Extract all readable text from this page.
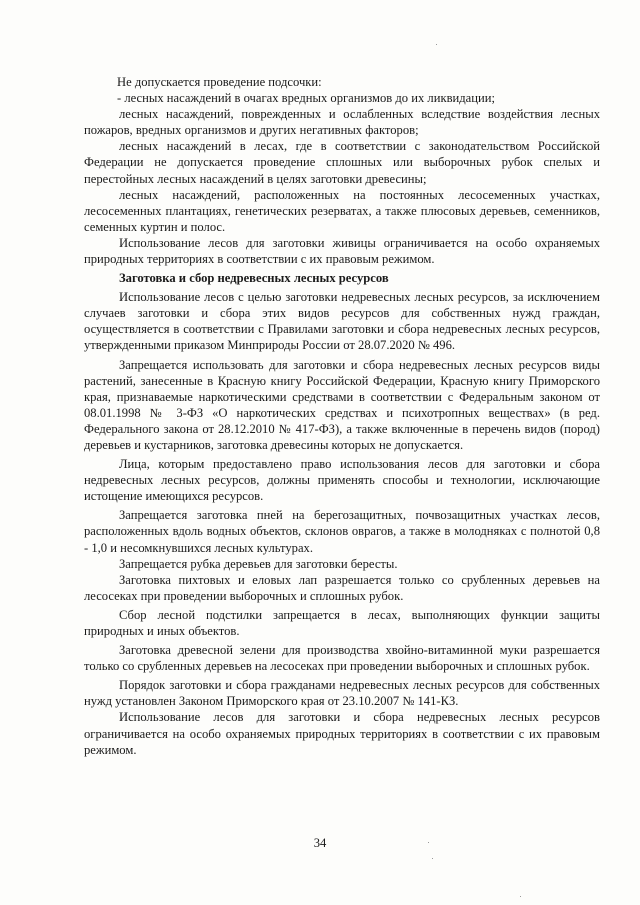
Не допускается проведение подсочки:

- лесных насаждений в очагах вредных организмов до их ликвидации;

лесных насаждений, поврежденных и ослабленных вследствие воздействия лесных пожаров, вредных организмов и других негативных факторов;

лесных насаждений в лесах, где в соответствии с законодательством Российской Федерации не допускается проведение сплошных или выборочных рубок спелых и перестойных лесных насаждений в целях заготовки древесины;

лесных насаждений, расположенных на постоянных лесосеменных участках, лесосеменных плантациях, генетических резерватах, а также плюсовых деревьев, семенников, семенных куртин и полос.

Использование лесов для заготовки живицы ограничивается на особо охраняемых природных территориях в соответствии с их правовым режимом.

Заготовка и сбор недревесных лесных ресурсов

Использование лесов с целью заготовки недревесных лесных ресурсов, за исключением случаев заготовки и сбора этих видов ресурсов для собственных нужд граждан, осуществляется в соответствии с Правилами заготовки и сбора недревесных лесных ресурсов, утвержденными приказом Минприроды России от 28.07.2020 № 496.

Запрещается использовать для заготовки и сбора недревесных лесных ресурсов виды растений, занесенные в Красную книгу Российской Федерации, Красную книгу Приморского края, признаваемые наркотическими средствами в соответствии с Федеральным законом от 08.01.1998 № 3-ФЗ «О наркотических средствах и психотропных веществах» (в ред. Федерального закона от 28.12.2010 № 417-ФЗ), а также включенные в перечень видов (пород) деревьев и кустарников, заготовка древесины которых не допускается.

Лица, которым предоставлено право использования лесов для заготовки и сбора недревесных лесных ресурсов, должны применять способы и технологии, исключающие истощение имеющихся ресурсов.

Запрещается заготовка пней на берегозащитных, почвозащитных участках лесов, расположенных вдоль водных объектов, склонов оврагов, а также в молодняках с полнотой 0,8 - 1,0 и несомкнувшихся лесных культурах.

Запрещается рубка деревьев для заготовки бересты.

Заготовка пихтовых и еловых лап разрешается только со срубленных деревьев на лесосеках при проведении выборочных и сплошных рубок.

Сбор лесной подстилки запрещается в лесах, выполняющих функции защиты природных и иных объектов.

Заготовка древесной зелени для производства хвойно-витаминной муки разрешается только со срубленных деревьев на лесосеках при проведении выборочных и сплошных рубок.

Порядок заготовки и сбора гражданами недревесных лесных ресурсов для собственных нужд установлен Законом Приморского края от 23.10.2007 № 141-КЗ.

Использование лесов для заготовки и сбора недревесных лесных ресурсов ограничивается на особо охраняемых природных территориях в соответствии с их правовым режимом.

34
